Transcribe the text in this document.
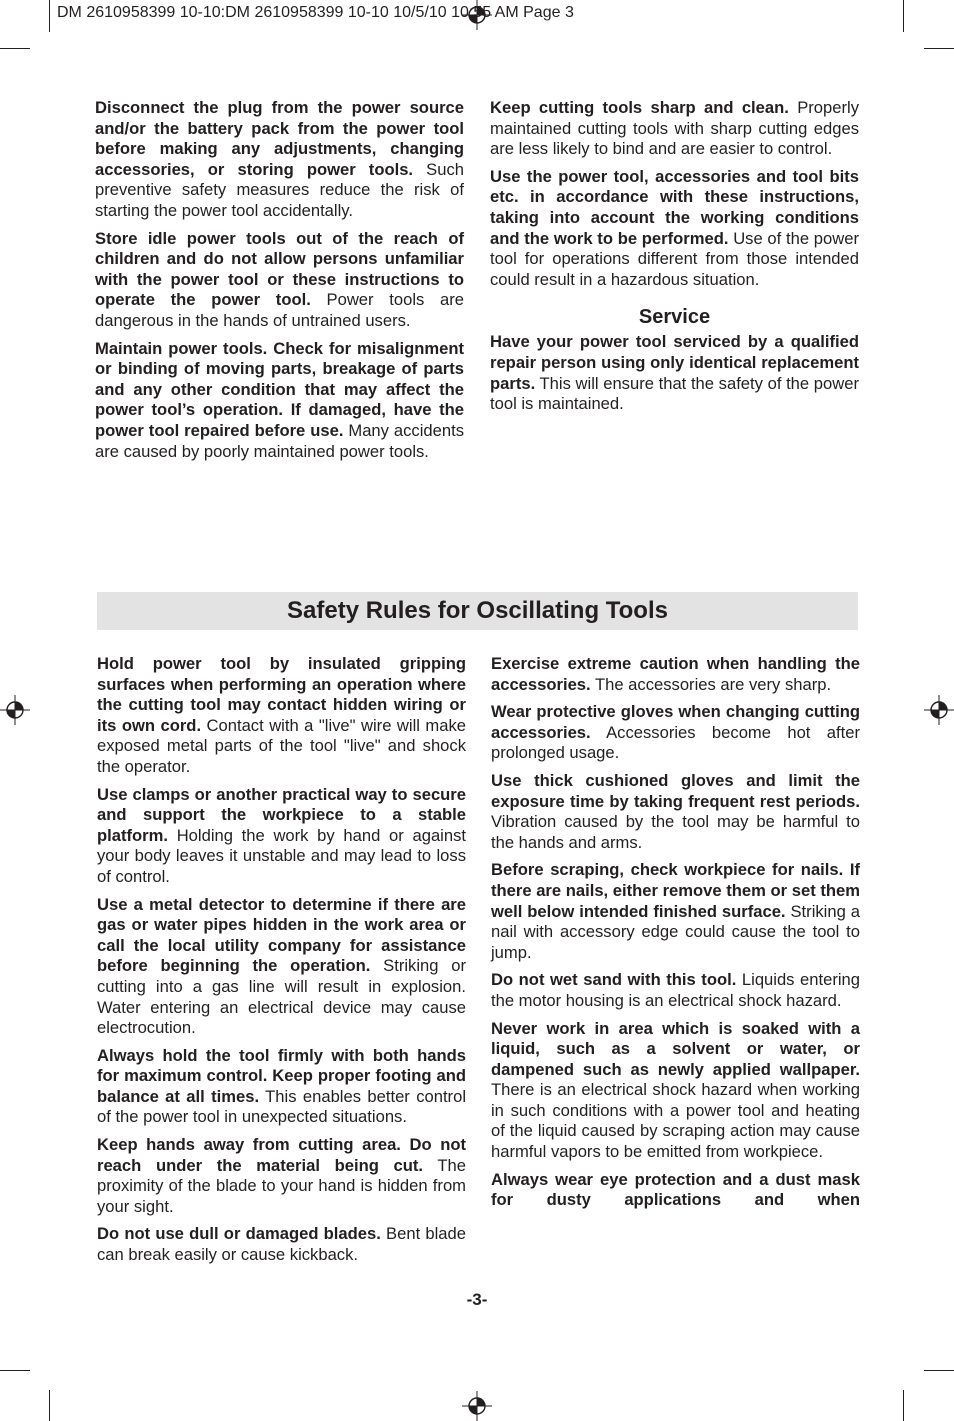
DM 2610958399 10-10:DM 2610958399 10-10 10/5/10 10:55 AM Page 3

Disconnect the plug from the power source and/or the battery pack from the power tool before making any adjustments, changing accessories, or storing power tools. Such preventive safety measures reduce the risk of starting the power tool accidentally.

Store idle power tools out of the reach of children and do not allow persons unfamiliar with the power tool or these instructions to operate the power tool. Power tools are dangerous in the hands of untrained users.

Maintain power tools. Check for misalignment or binding of moving parts, breakage of parts and any other condition that may affect the power tool’s operation. If damaged, have the power tool repaired before use. Many accidents are caused by poorly maintained power tools.

Keep cutting tools sharp and clean. Properly maintained cutting tools with sharp cutting edges are less likely to bind and are easier to control.

Use the power tool, accessories and tool bits etc. in accordance with these instructions, taking into account the working conditions and the work to be performed. Use of the power tool for operations different from those intended could result in a hazardous situation.

Service

Have your power tool serviced by a qualified repair person using only identical replacement parts. This will ensure that the safety of the power tool is maintained.

Safety Rules for Oscillating Tools

Hold power tool by insulated gripping surfaces when performing an operation where the cutting tool may contact hidden wiring or its own cord. Contact with a "live" wire will make exposed metal parts of the tool "live" and shock the operator.

Use clamps or another practical way to secure and support the workpiece to a stable platform. Holding the work by hand or against your body leaves it unstable and may lead to loss of control.

Use a metal detector to determine if there are gas or water pipes hidden in the work area or call the local utility company for assistance before beginning the operation. Striking or cutting into a gas line will result in explosion. Water entering an electrical device may cause electrocution.

Always hold the tool firmly with both hands for maximum control. Keep proper footing and balance at all times. This enables better control of the power tool in unexpected situations.

Keep hands away from cutting area. Do not reach under the material being cut. The proximity of the blade to your hand is hidden from your sight.

Do not use dull or damaged blades. Bent blade can break easily or cause kickback.

Exercise extreme caution when handling the accessories. The accessories are very sharp.

Wear protective gloves when changing cutting accessories. Accessories become hot after prolonged usage.

Use thick cushioned gloves and limit the exposure time by taking frequent rest periods. Vibration caused by the tool may be harmful to the hands and arms.

Before scraping, check workpiece for nails. If there are nails, either remove them or set them well below intended finished surface. Striking a nail with accessory edge could cause the tool to jump.

Do not wet sand with this tool. Liquids entering the motor housing is an electrical shock hazard.

Never work in area which is soaked with a liquid, such as a solvent or water, or dampened such as newly applied wallpaper. There is an electrical shock hazard when working in such conditions with a power tool and heating of the liquid caused by scraping action may cause harmful vapors to be emitted from workpiece.

Always wear eye protection and a dust mask for dusty applications and when

-3-
